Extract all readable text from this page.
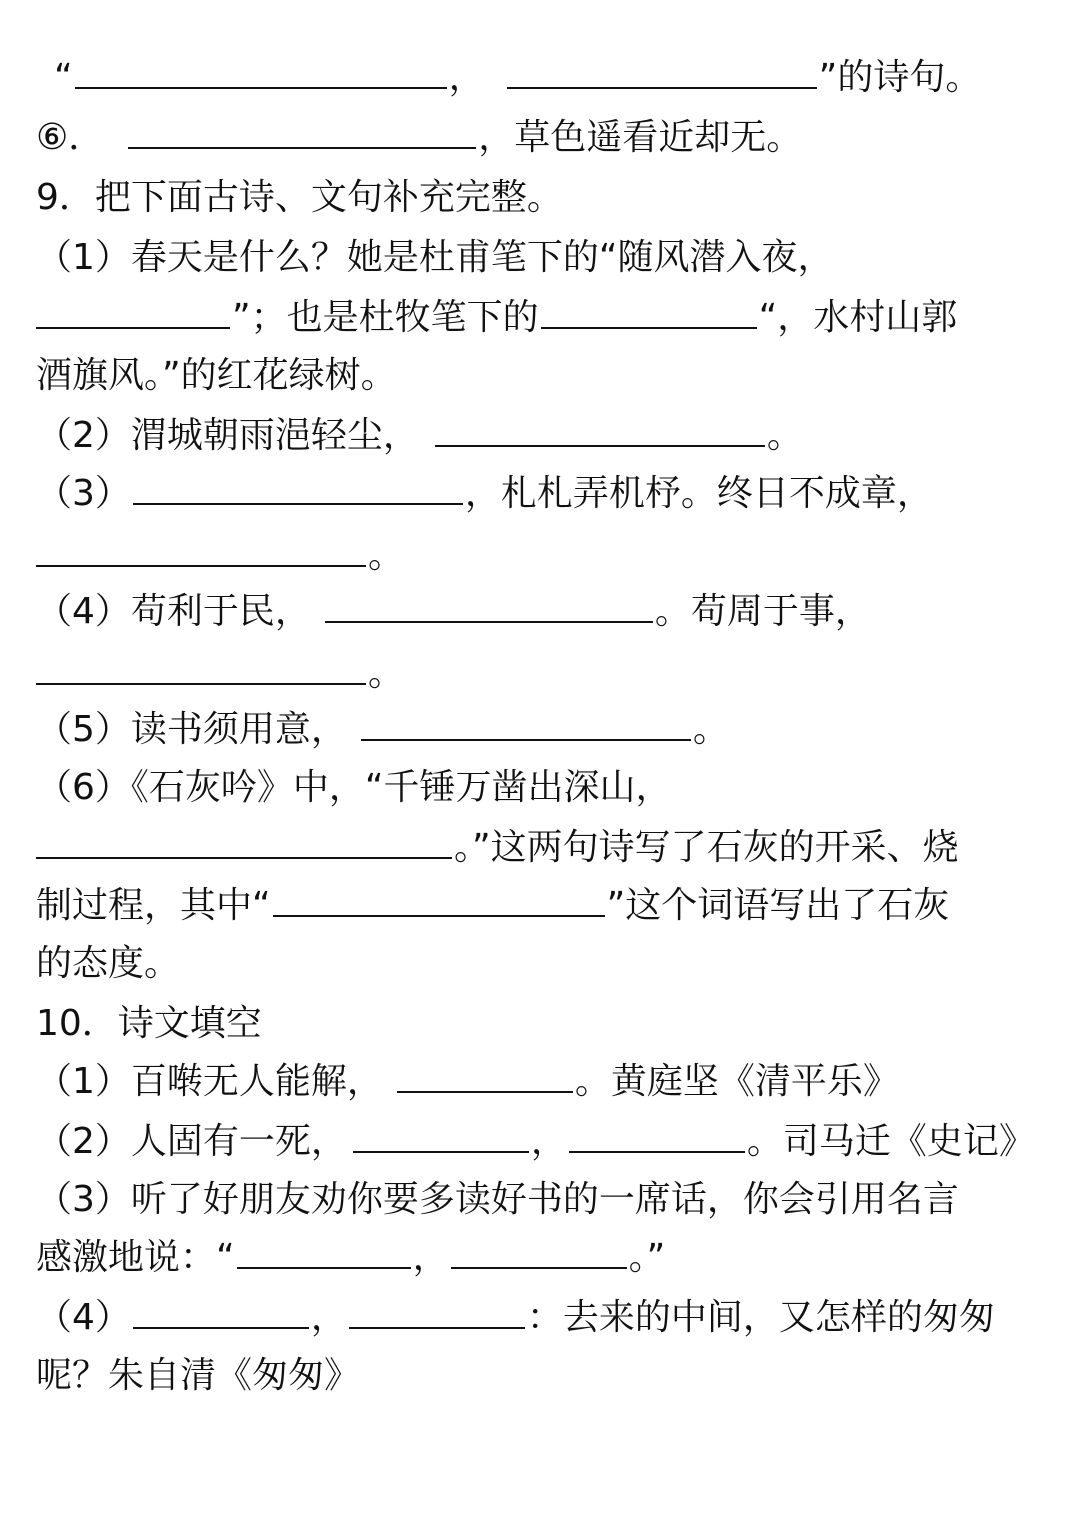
“	，	”的诗句。
⑥．	，草色遥看近却无。
9．把下面古诗、文句补充完整。
（1）春天是什么？她是杜甫笔下的“随风潜入夜，
”；也是杜牧笔下的	“，水村山郭
酒旗风。”的红花绿树。
（2）渭城朝雨浥轻尘，	。
（3）	，札札弄机杼。终日不成章，
。
（4）苟利于民，	。苟周于事，
。
（5）读书须用意，	。
（6）《石灰吟》中，“千锤万凿出深山，
。”这两句诗写了石灰的开采、烧
制过程，其中“	”这个词语写出了石灰
的态度。
10．诗文填空
（1）百啭无人能解，	。黄庭坚《清平乐》
（2）人固有一死，	，	。司马迁《史记》
（3）听了好朋友劝你要多读好书的一席话，你会引用名言
感激地说：“	，	。”
（4）	，	：去来的中间，又怎样的匆匆
呢？朱自清《匆匆》
